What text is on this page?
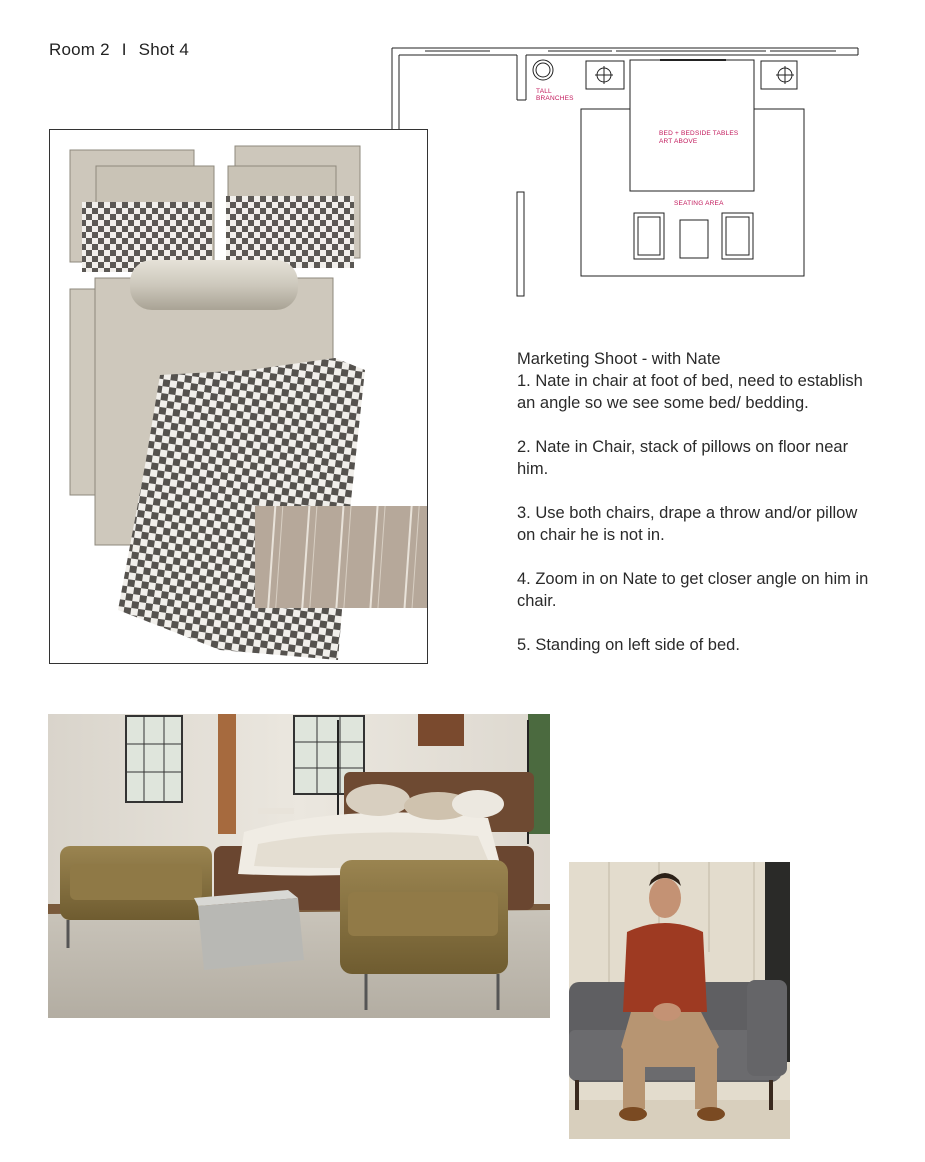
Room 2 I Shot 4
TALL BRANCHES
BED + BEDSIDE TABLES
ART ABOVE
SEATING AREA

Marketing Shoot - with Nate

1. Nate in chair at foot of bed, need to establish an angle so we see some bed/ bedding.

2. Nate in Chair, stack of pillows on floor near him.

3. Use both chairs, drape a throw and/or pillow on chair he is not in.

4. Zoom in on Nate to get closer angle on him in chair.

5. Standing on left side of bed.
